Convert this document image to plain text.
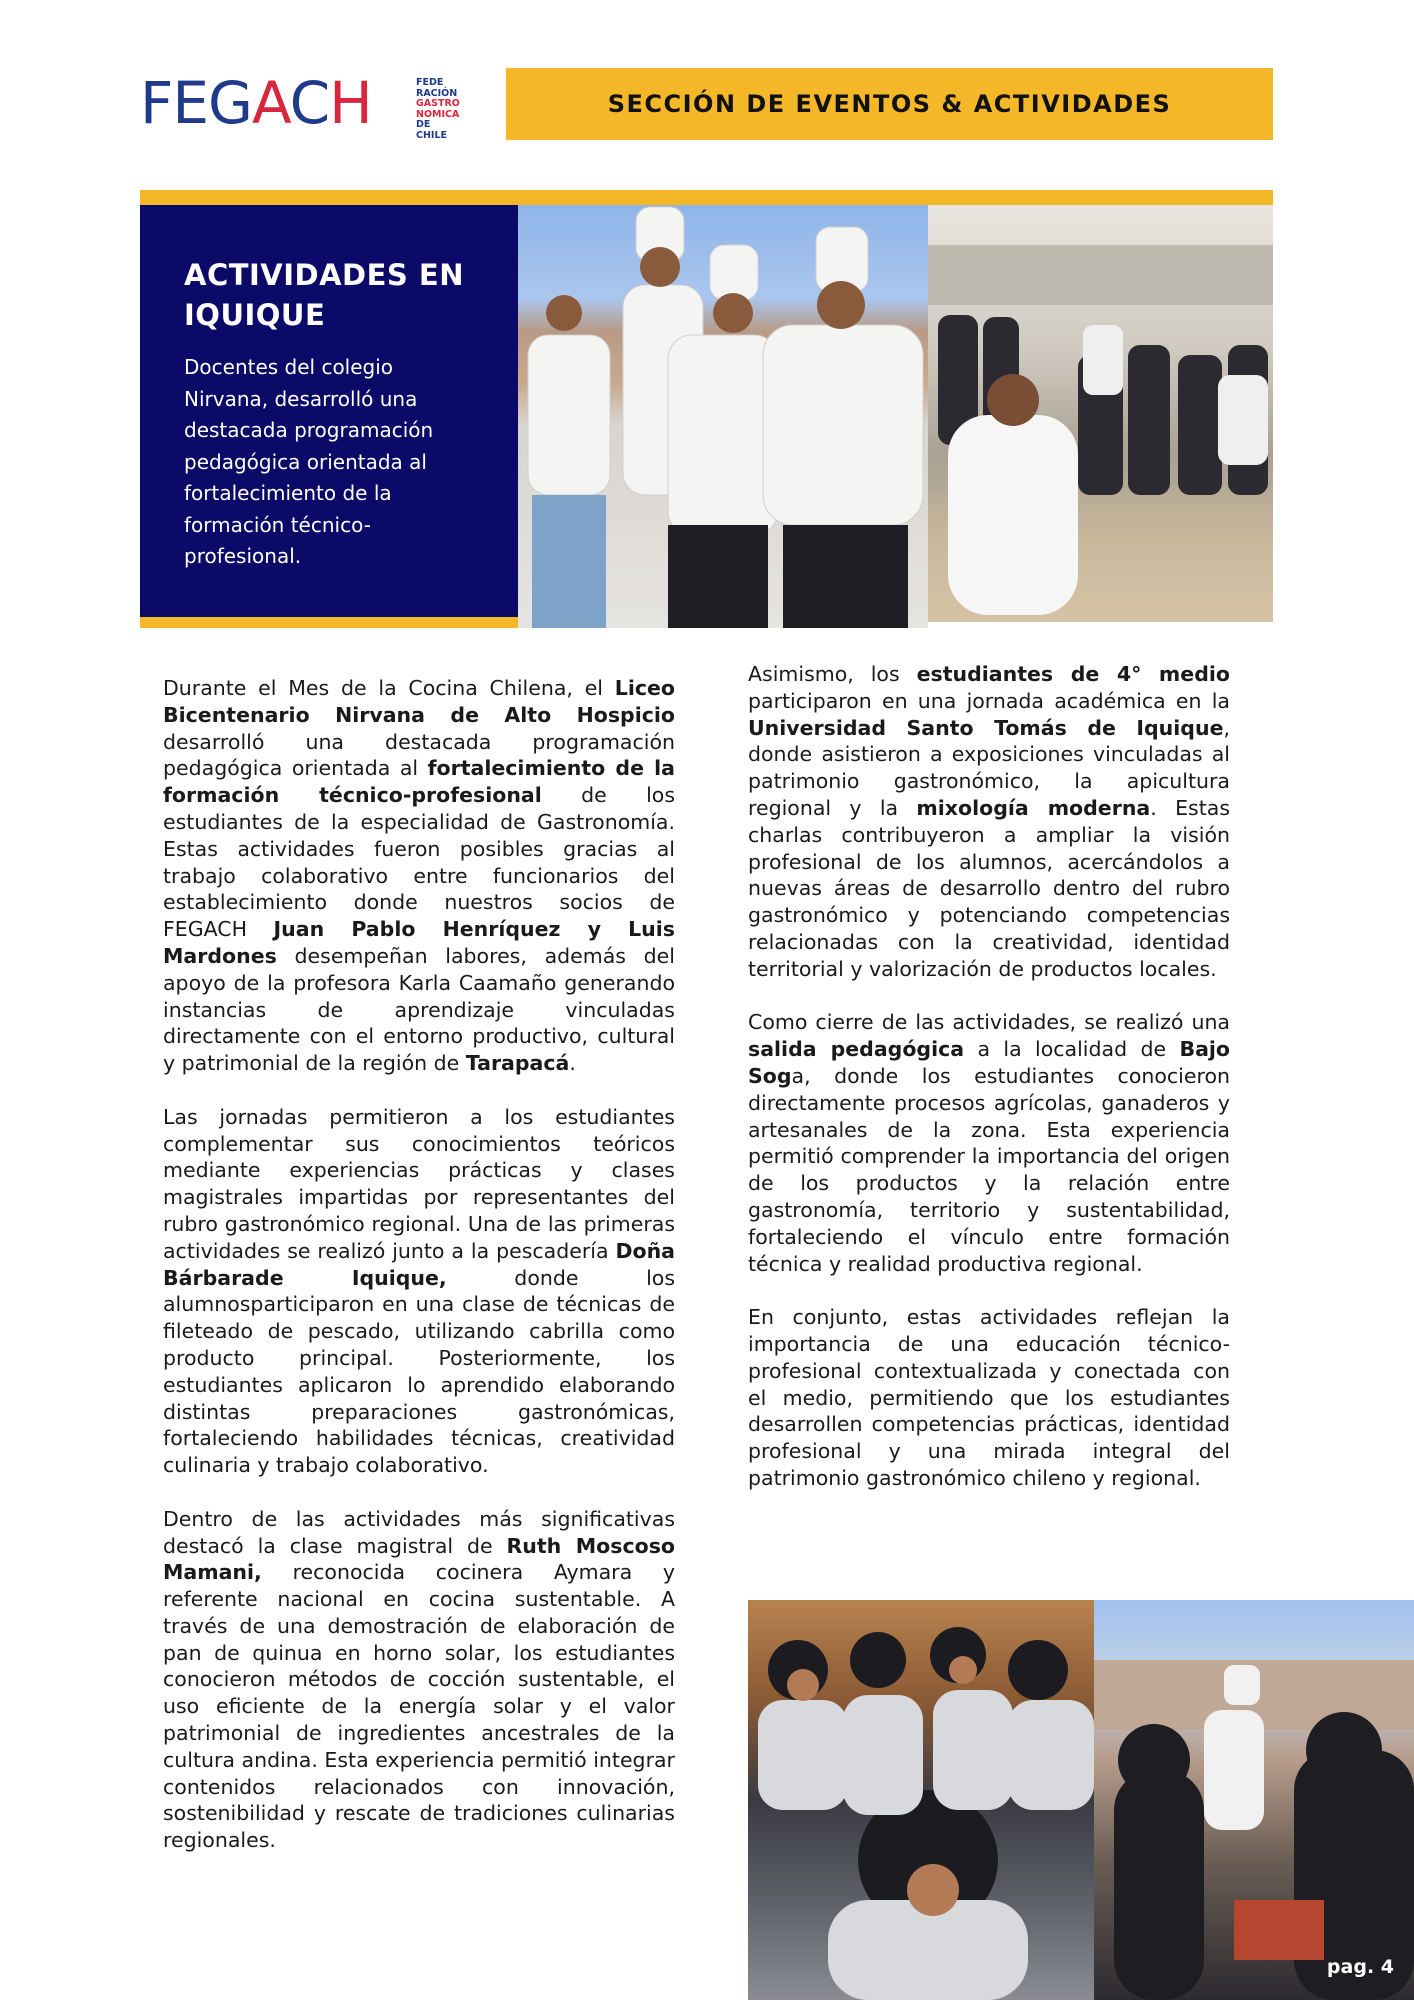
FEGACH	FEDE
RACIÓN
GASTRO
NOMICA
DE CHILE
SECCIÓN DE EVENTOS & ACTIVIDADES
ACTIVIDADES EN IQUIQUE
Docentes del colegio Nirvana, desarrolló una destacada programación pedagógica orientada al fortalecimiento de la formación técnico-profesional.

Durante el Mes de la Cocina Chilena, el Liceo Bicentenario Nirvana de Alto Hospicio desarrolló una destacada programación pedagógica orientada al fortalecimiento de la formación técnico-profesional de los estudiantes de la especialidad de Gastronomía. Estas actividades fueron posibles gracias al trabajo colaborativo entre funcionarios del establecimiento donde nuestros socios de FEGACH Juan Pablo Henríquez y Luis Mardones desempeñan labores, además del apoyo de la profesora Karla Caamaño generando instancias de aprendizaje vinculadas directamente con el entorno productivo, cultural y patrimonial de la región de Tarapacá.

Las jornadas permitieron a los estudiantes complementar sus conocimientos teóricos mediante experiencias prácticas y clases magistrales impartidas por representantes del rubro gastronómico regional. Una de las primeras actividades se realizó junto a la pescadería Doña Bárbarade Iquique, donde los alumnosparticiparon en una clase de técnicas de fileteado de pescado, utilizando cabrilla como producto principal. Posteriormente, los estudiantes aplicaron lo aprendido elaborando distintas preparaciones gastronómicas, fortaleciendo habilidades técnicas, creatividad culinaria y trabajo colaborativo.

Dentro de las actividades más significativas destacó la clase magistral de Ruth Moscoso Mamani, reconocida cocinera Aymara y referente nacional en cocina sustentable. A través de una demostración de elaboración de pan de quinua en horno solar, los estudiantes conocieron métodos de cocción sustentable, el uso eficiente de la energía solar y el valor patrimonial de ingredientes ancestrales de la cultura andina. Esta experiencia permitió integrar contenidos relacionados con innovación, sostenibilidad y rescate de tradiciones culinarias regionales.

Asimismo, los estudiantes de 4° medio participaron en una jornada académica en la Universidad Santo Tomás de Iquique, donde asistieron a exposiciones vinculadas al patrimonio gastronómico, la apicultura regional y la mixología moderna. Estas charlas contribuyeron a ampliar la visión profesional de los alumnos, acercándolos a nuevas áreas de desarrollo dentro del rubro gastronómico y potenciando competencias relacionadas con la creatividad, identidad territorial y valorización de productos locales.

Como cierre de las actividades, se realizó una salida pedagógica a la localidad de Bajo Soga, donde los estudiantes conocieron directamente procesos agrícolas, ganaderos y artesanales de la zona. Esta experiencia permitió comprender la importancia del origen de los productos y la relación entre gastronomía, territorio y sustentabilidad, fortaleciendo el vínculo entre formación técnica y realidad productiva regional.

En conjunto, estas actividades reflejan la importancia de una educación técnico-profesional contextualizada y conectada con el medio, permitiendo que los estudiantes desarrollen competencias prácticas, identidad profesional y una mirada integral del patrimonio gastronómico chileno y regional.

pag. 4
